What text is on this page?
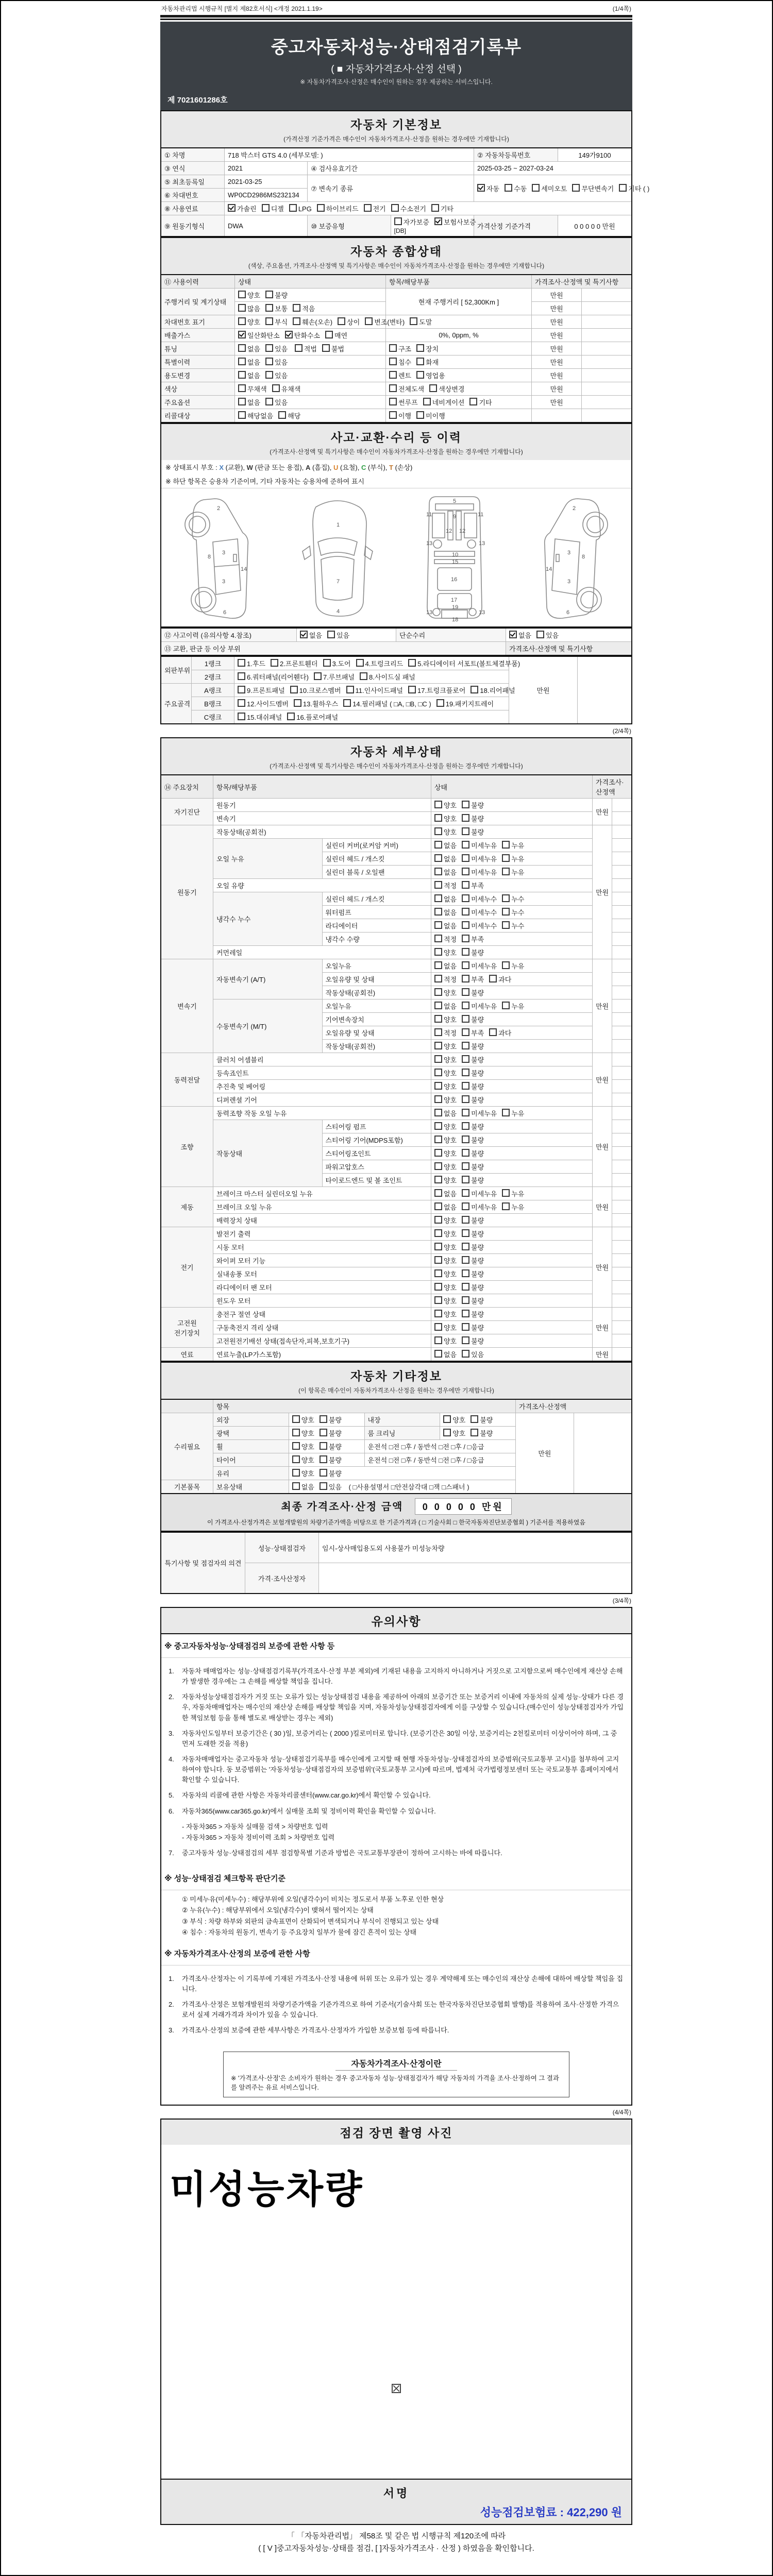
자동차관리법 시행규칙 [별지 제82호서식] <개정 2021.1.19>	(1/4쪽)
중고자동차성능·상태점검기록부
( ■ 자동차가격조사·산정 선택 )
※ 자동차가격조사·산정은 매수인이 원하는 경우 제공하는 서비스입니다.
제 7021601286호
자동차 기본정보
(가격산정 기준가격은 매수인이 자동차가격조사·산정을 원하는 경우에만 기재합니다)
① 차명	718 박스터 GTS 4.0 (세부모델: )			② 자동차등록번호	149가9100
③ 연식	2021	④ 검사유효기간		2025-03-25 ~ 2027-03-24	
⑤ 최초등록일	2021-03-25	⑦ 변속기 종류		자동 수동 세미오토 무단변속기 기타 ( )	
⑥ 차대번호	WP0CD2986MS232134				
⑧ 사용연료	가솔린 디젤 LPG 하이브리드 전기 수소전기 기타				
⑨ 원동기형식	DWA	⑩ 보증유형	자가보증 보험사보증 [DB]	가격산정 기준가격	0 0 0 0 0 만원
자동차 종합상태
(색상, 주요옵션, 가격조사·산정액 및 특기사항은 매수인이 자동차가격조사·산정을 원하는 경우에만 기재합니다)
⑪ 사용이력	상태	항목/해당부품	가격조사·산정액 및 특기사항	
주행거리 및 계기상태	양호 불량	현재 주행거리 [ 52,300Km ]	만원	
	많음 보통 적음		만원	
차대번호 표기	양호 부식 훼손(오손) 상이 변조(변타) 도말		만원	
배출가스	일산화탄소 탄화수소 매연	0%, 0ppm, %	만원	
튜닝	없음 있음 적법 불법	구조 장치	만원	
특별이력	없음 있음	침수 화재	만원	
용도변경	없음 있음	렌트 영업용	만원	
색상	무채색 유채색	전체도색 색상변경	만원	
주요옵션	없음 있음	썬루프 네비게이션 기타	만원	
리콜대상	해당없음 해당	이행 미이행		
사고·교환·수리 등 이력
(가격조사·산정액 및 특기사항은 매수인이 자동차가격조사·산정을 원하는 경우에만 기재합니다)
※ 상태표시 부호 : X (교환), W (판금 또는 용접), A (흠집), U (요철), C (부식), T (손상)
※ 하단 항목은 승용차 기준이며, 기타 자동차는 승용차에 준하여 표시
2
3
3
6
8
14
1
7
4
5
11	11
9
13	13
12 12
10
15
16
13	13
19
17
18
2
3
3
6
8
14
⑫ 사고이력 (유의사항 4.참조)	없음 있음	단순수리	없음 있음
⑬ 교환, 판금 등 이상 부위			가격조사·산정액 및 특기사항
외판부위	1랭크	1.후드 2.프론트휀더 3.도어 4.트렁크리드 5.라디에이터 서포트(볼트체결부품)	만원	
	2랭크	6.쿼터패널(리어휀다) 7.루브패널 8.사이드실 패널		
주요골격	A랭크	9.프론트패널 10.크로스멤버 11.인사이드패널 17.트렁크플로어 18.리어패널		
	B랭크	12.사이드멤버 13.휠하우스 14.필러패널 ( □A, □B, □C ) 19.패키지트레이		
	C랭크	15.대쉬패널 16.플로어패널		
(2/4쪽)
자동차 세부상태
(가격조사·산정액 및 특기사항은 매수인이 자동차가격조사·산정을 원하는 경우에만 기재합니다)
⑭ 주요장치	항목/해당부품		상태	가격조사·산정액	
자기진단	원동기		양호 불량	만원	
	변속기		양호 불량		
원동기	작동상태(공회전)		양호 불량	만원	
	오일 누유	실린더 커버(로커암 커버)	없음 미세누유 누유		
		실린더 헤드 / 개스킷	없음 미세누유 누유		
		실린더 블록 / 오일팬	없음 미세누유 누유		
	오일 유량		적정 부족		
	냉각수 누수	실린더 헤드 / 개스킷	없음 미세누수 누수		
		워터펌프	없음 미세누수 누수		
		라디에이터	없음 미세누수 누수		
		냉각수 수량	적정 부족		
	커먼레일		양호 불량		
변속기	자동변속기 (A/T)	오일누유	없음 미세누유 누유	만원	
		오일유량 및 상태	적정 부족 과다		
		작동상태(공회전)	양호 불량		
	수동변속기 (M/T)	오일누유	없음 미세누유 누유		
		기어변속장치	양호 불량		
		오일유량 및 상태	적정 부족 과다		
		작동상태(공회전)	양호 불량		
동력전달	클러치 어셈블리		양호 불량	만원	
	등속죠인트		양호 불량		
	추진축 및 베어링		양호 불량		
	디퍼렌셜 기어		양호 불량		
조향	동력조향 작동 오일 누유		없음 미세누유 누유	만원	
	작동상태	스티어링 펌프	양호 불량		
		스티어링 기어(MDPS포함)	양호 불량		
		스티어링조인트	양호 불량		
		파워고압호스	양호 불량		
		타이로드엔드 및 볼 조인트	양호 불량		
제동	브레이크 마스터 실린더오일 누유		없음 미세누유 누유	만원	
	브레이크 오일 누유		없음 미세누유 누유		
	배력장치 상태		양호 불량		
전기	발전기 출력		양호 불량	만원	
	시동 모터		양호 불량		
	와이퍼 모터 기능		양호 불량		
	실내송풍 모터		양호 불량		
	라디에이터 팬 모터		양호 불량		
	윈도우 모터		양호 불량		
고전원 전기장치	충전구 절연 상태		양호 불량	만원	
	구동축전지 격리 상태		양호 불량		
	고전원전기배선 상태(접속단자,피복,보호기구)		양호 불량		
연료	연료누출(LP가스포함)		없음 있음	만원	
자동차 기타정보
(이 항목은 매수인이 자동차가격조사·산정을 원하는 경우에만 기재합니다)
	항목				가격조사·산정액	
수리필요	외장	양호 불량	내장	양호 불량	만원	
	광택	양호 불량	룸 크리닝	양호 불량		
	휠	양호 불량	운전석 □전 □후 / 동반석 □전 □후 / □응급			
	타이어	양호 불량	운전석 □전 □후 / 동반석 □전 □후 / □응급			
	유리	양호 불량				
기본품목	보유상태	없음 있음 ( □사용설명서 □안전삼각대 □잭 □스패너 )				
최종 가격조사·산정 금액 0 0 0 0 0 만원
이 가격조사·산정가격은 보험개발원의 차량기준가액을 비탕으로 한 기준가격과 ( □ 기술사회 □ 한국자동차진단보증협회 ) 기준서를 적용하였음
특기사항 및 점검자의 의견	성능·상태점검자	임시-상사매입용도외 사용불가 미성능차량
	가격·조사산정자	
(3/4쪽)
유의사항
※ 중고자동차성능·상태점검의 보증에 관한 사항 등
1.	자동차 매매업자는 성능·상태점검기록부(가격조사·산정 부분 제외)에 기재된 내용을 고지하지 아니하거나 거짓으로 고지함으로써 매수인에게 재산상 손해가 발생한 경우에는 그 손해를 배상할 책임을 집니다.
2.	자동차성능상태점검자가 거짓 또는 오류가 있는 성능상태점검 내용을 제공하여 아래의 보증기간 또는 보증거리 이내에 자동차의 실제 성능·상태가 다른 경우, 자동차매매업자는 매수인의 재산상 손해를 배상할 책임을 지며, 자동차성능상태점검자에게 이를 구상할 수 있습니다.(매수인이 성능상태점검자가 가입한 책임보험 등을 통해 별도로 배상받는 경우는 제외)
3.	자동차인도일부터 보증기간은 ( 30 )일, 보증거리는 ( 2000 )킬로미터로 합니다. (보증기간은 30일 이상, 보증거리는 2천킬로미터 이상이어야 하며, 그 중 먼저 도래한 것을 적용)
4.	자동차매매업자는 중고자동차 성능·상태점검기록부를 매수인에게 고지할 때 현행 자동차성능·상태점검자의 보증범위(국토교통부 고시)를 첨부하여 고지하여야 합니다. 동 보증범위는 '자동차성능·상태점검자의 보증범위'(국토교통부 고시)에 따르며, 법제처 국가법령정보센터 또는 국토교통부 홈페이지에서 확인할 수 있습니다.
5.	자동차의 리콜에 관한 사항은 자동차리콜센터(www.car.go.kr)에서 확인할 수 있습니다.
6.	자동차365(www.car365.go.kr)에서 실매물 조회 및 정비이력 확인을 확인할 수 있습니다.
- 자동차365 > 자동차 실매물 검색 > 차량번호 입력
- 자동차365 > 자동차 정비이력 조회 > 차량번호 입력
7.	중고자동차 성능·상태점검의 세부 점검항목별 기준과 방법은 국토교통부장관이 정하여 고시하는 바에 따릅니다.
※ 성능·상태점검 체크항목 판단기준
① 미세누유(미세누수) : 해당부위에 오일(냉각수)이 비치는 정도로서 부품 노후로 인한 현상
② 누유(누수) : 해당부위에서 오일(냉각수)이 맺혀서 떨어지는 상태
③ 부식 : 차량 하부와 외판의 금속표면이 산화되어 변색되거나 부식이 진행되고 있는 상태
④ 침수 : 자동차의 원동기, 변속기 등 주요장치 일부가 물에 잠긴 흔적이 있는 상태
※ 자동차가격조사·산정의 보증에 관한 사항
1.	가격조사·산정자는 이 기록부에 기재된 가격조사·산정 내용에 허위 또는 오류가 있는 경우 계약해제 또는 매수인의 재산상 손해에 대하여 배상할 책임을 집니다.
2.	가격조사·산정은 보험개발원의 차량기준가액을 기준가격으로 하여 기준서(기술사회 또는 한국자동차진단보증협회 발행)를 적용하여 조사·산정한 가격으로서 실제 거래가격과 차이가 있을 수 있습니다.
3.	가격조사·산정의 보증에 관한 세부사항은 가격조사·산정자가 가입한 보증보험 등에 따릅니다.
자동차가격조사·산정이란
※ '가격조사·산정'은 소비자가 원하는 경우 중고자동차 성능·상태점검자가 해당 자동차의 가격을 조사·산정하여 그 결과를 알려주는 유료 서비스입니다.
(4/4쪽)
점검 장면 촬영 사진
미성능차량
서명
성능점검보험료 : 422,290 원
「 「자동차관리법」 제58조 및 같은 법 시행규칙 제120조에 따라
( [ V ]중고자동차성능·상태를 점검, [ ]자동차가격조사 · 산정 ) 하였음을 확인합니다.
